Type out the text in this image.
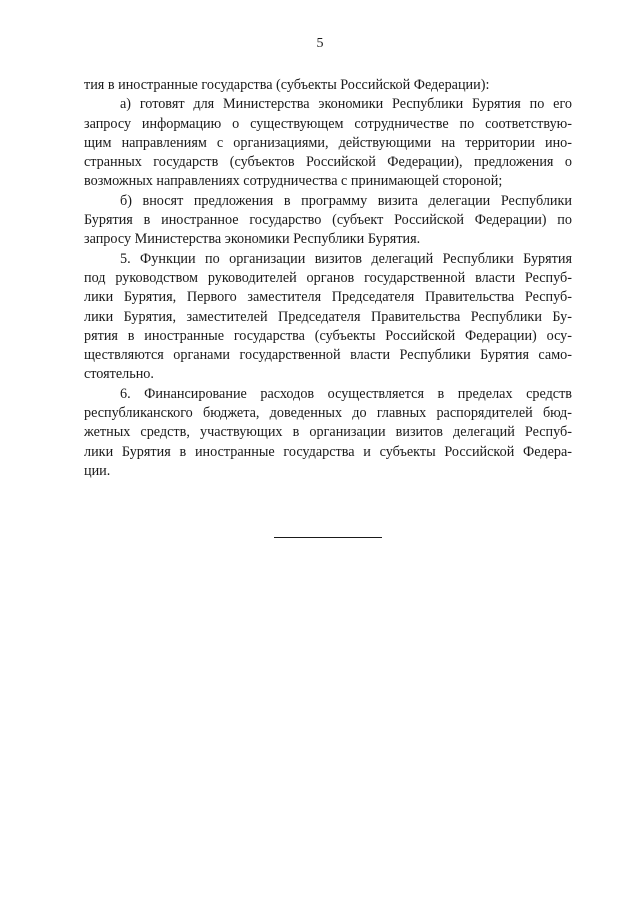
5
тия в иностранные государства (субъекты Российской Федерации):
а) готовят для Министерства экономики Республики Бурятия по его
запросу информацию о существующем сотрудничестве по соответствую-
щим направлениям с организациями, действующими на территории ино-
странных государств (субъектов Российской Федерации), предложения о
возможных направлениях сотрудничества с принимающей стороной;
б) вносят предложения в программу визита делегации Республики
Бурятия в иностранное государство (субъект Российской Федерации) по
запросу Министерства экономики Республики Бурятия.
5. Функции по организации визитов делегаций Республики Бурятия
под руководством руководителей органов государственной власти Респуб-
лики Бурятия, Первого заместителя Председателя Правительства Респуб-
лики Бурятия, заместителей Председателя Правительства Республики Бу-
рятия в иностранные государства (субъекты Российской Федерации) осу-
ществляются органами государственной власти Республики Бурятия само-
стоятельно.
6. Финансирование расходов осуществляется в пределах средств
республиканского бюджета, доведенных до главных распорядителей бюд-
жетных средств, участвующих в организации визитов делегаций Респуб-
лики Бурятия в иностранные государства и субъекты Российской Федера-
ции.
